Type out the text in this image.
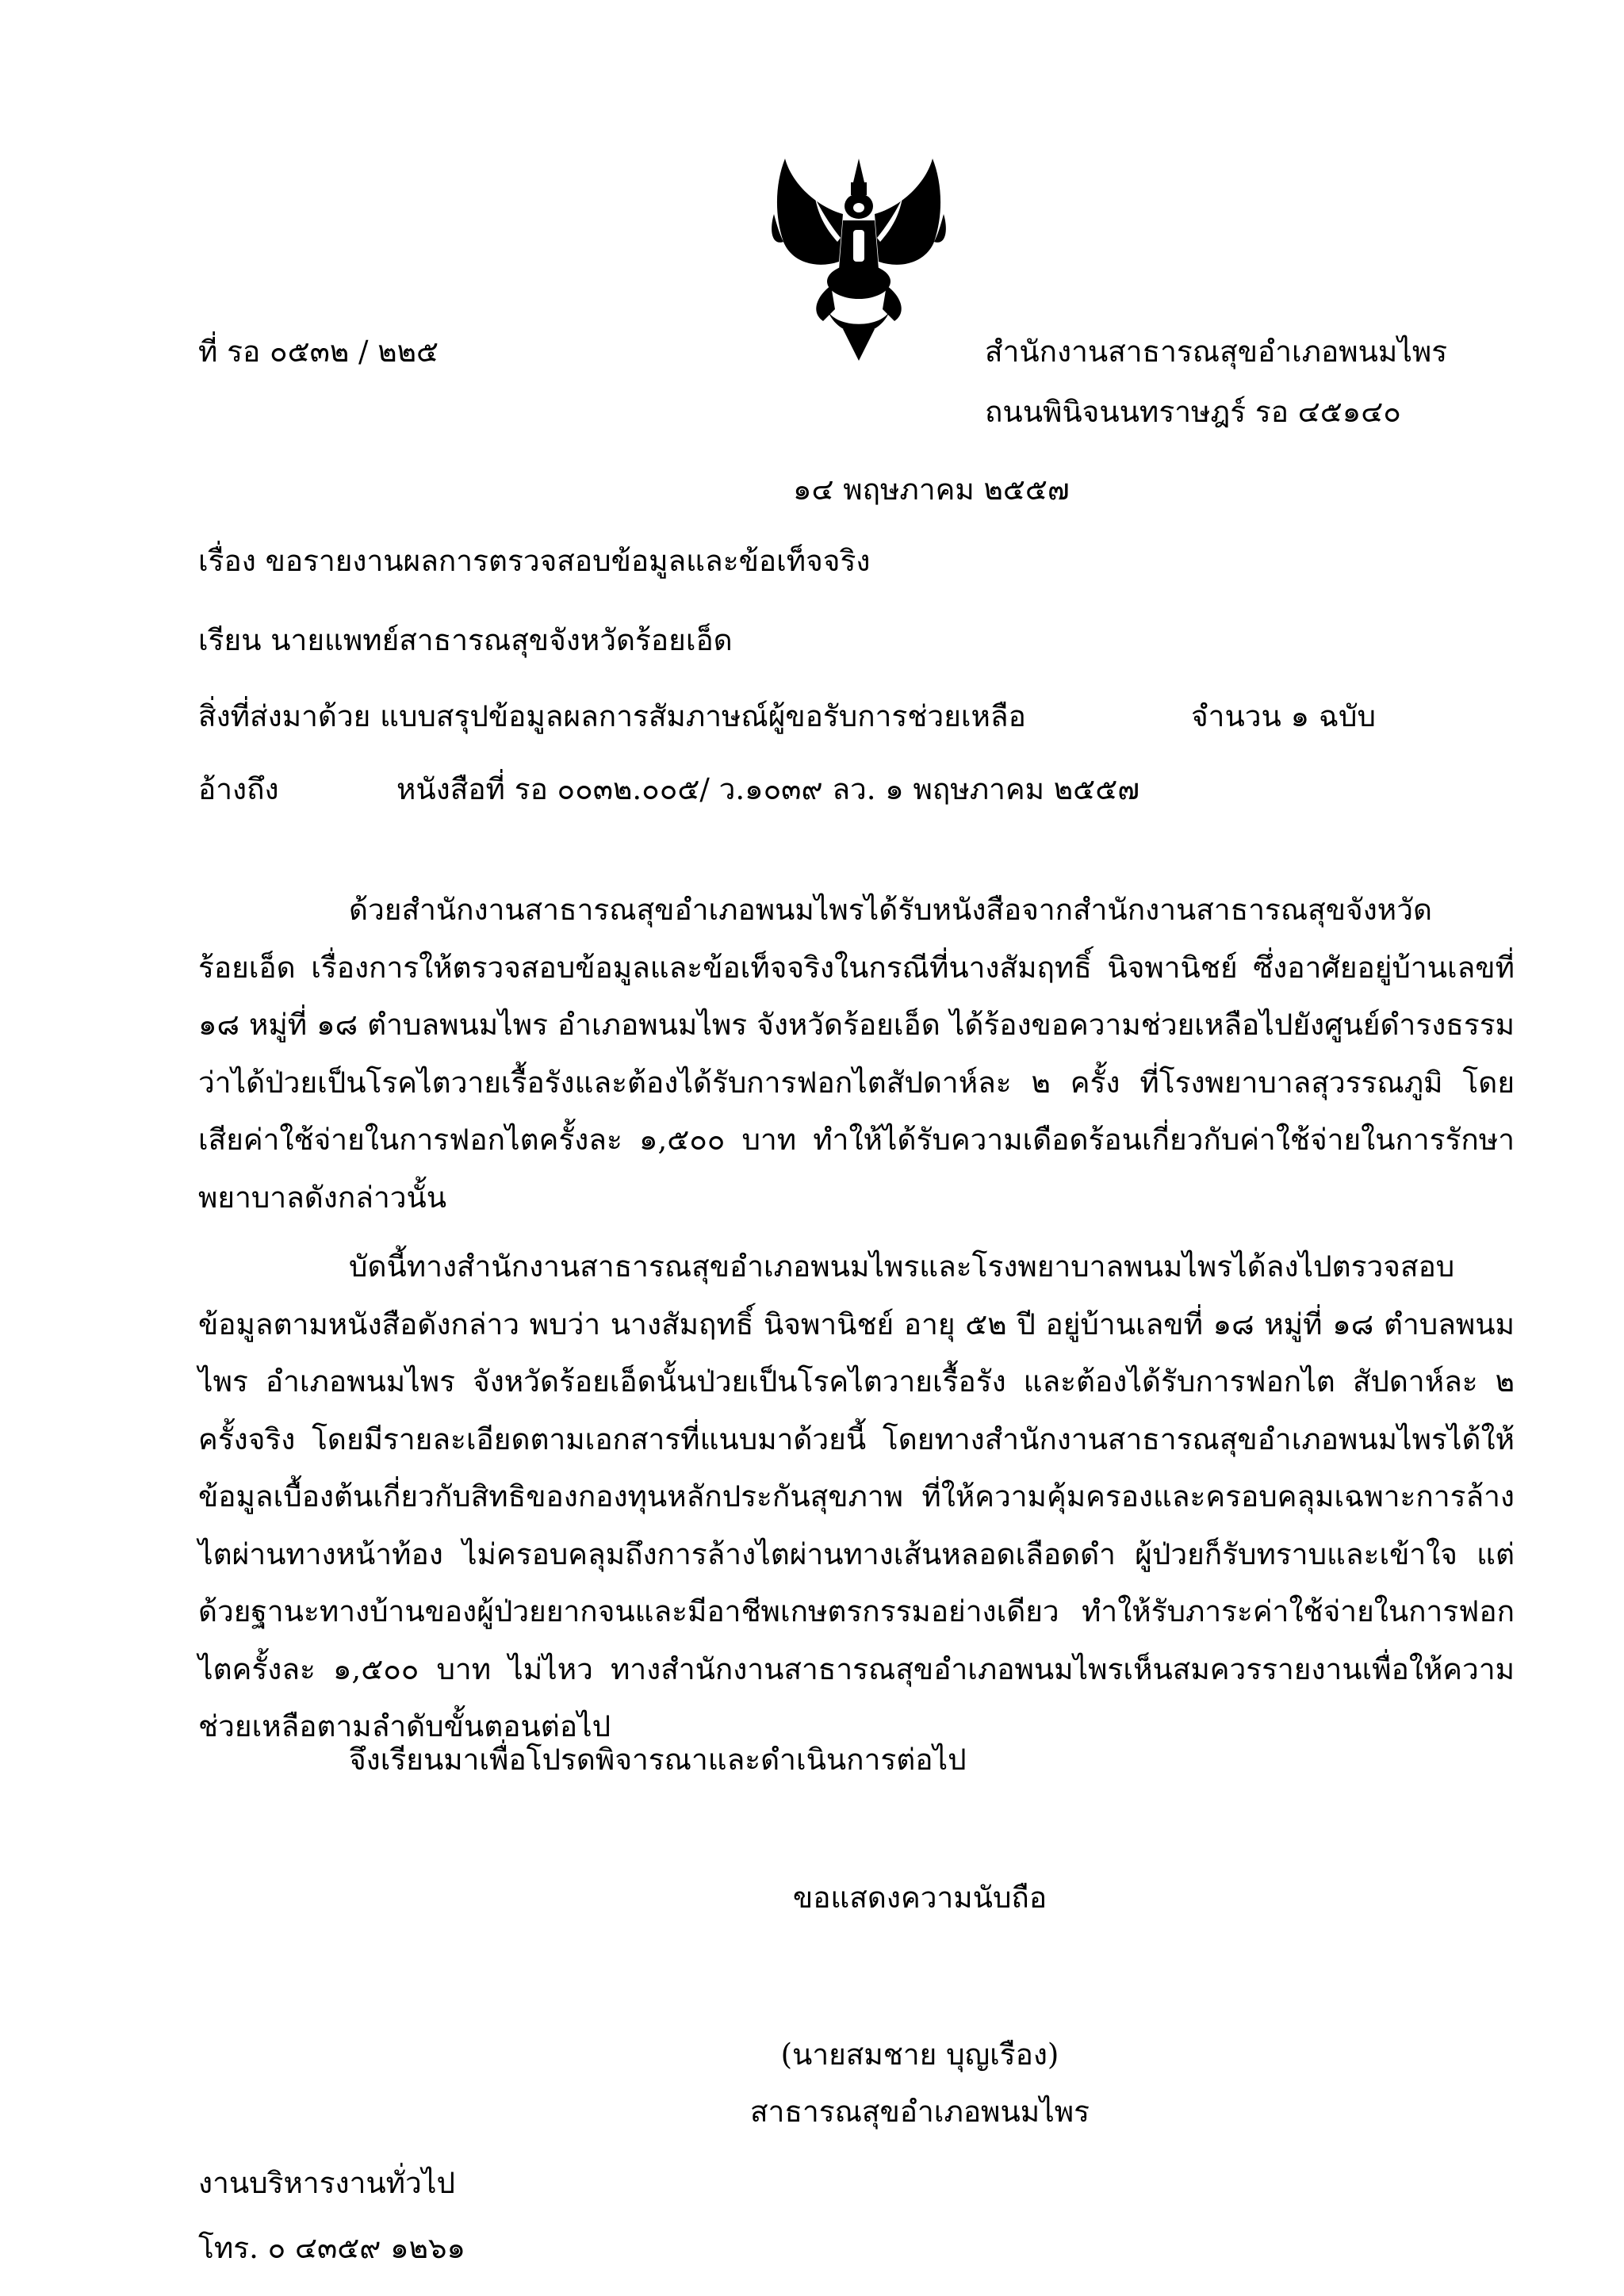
ที่ รอ ๐๕๓๒ / ๒๒๕	สำนักงานสาธารณสุขอำเภอพนมไพร
ถนนพินิจนนทราษฎร์ รอ ๔๕๑๔๐
๑๔ พฤษภาคม ๒๕๕๗
เรื่อง ขอรายงานผลการตรวจสอบข้อมูลและข้อเท็จจริง
เรียน นายแพทย์สาธารณสุขจังหวัดร้อยเอ็ด
สิ่งที่ส่งมาด้วย แบบสรุปข้อมูลผลการสัมภาษณ์ผู้ขอรับการช่วยเหลือ	จำนวน ๑ ฉบับ
อ้างถึง	หนังสือที่ รอ ๐๐๓๒.๐๐๕/ ว.๑๐๓๙ ลว. ๑ พฤษภาคม ๒๕๕๗
ด้วยสำนักงานสาธารณสุขอำเภอพนมไพรได้รับหนังสือจากสำนักงานสาธารณสุขจังหวัดร้อยเอ็ด เรื่องการให้ตรวจสอบข้อมูลและข้อเท็จจริงในกรณีที่นางสัมฤทธิ์ นิจพานิชย์ ซึ่งอาศัยอยู่บ้านเลขที่ ๑๘ หมู่ที่ ๑๘ ตำบลพนมไพร อำเภอพนมไพร จังหวัดร้อยเอ็ด ได้ร้องขอความช่วยเหลือไปยังศูนย์ดำรงธรรมว่าได้ป่วยเป็นโรคไตวายเรื้อรังและต้องได้รับการฟอกไตสัปดาห์ละ ๒ ครั้ง ที่โรงพยาบาลสุวรรณภูมิ โดยเสียค่าใช้จ่ายในการฟอกไตครั้งละ ๑,๕๐๐ บาท ทำให้ได้รับความเดือดร้อนเกี่ยวกับค่าใช้จ่ายในการรักษาพยาบาลดังกล่าวนั้น
บัดนี้ทางสำนักงานสาธารณสุขอำเภอพนมไพรและโรงพยาบาลพนมไพรได้ลงไปตรวจสอบข้อมูลตามหนังสือดังกล่าว พบว่า นางสัมฤทธิ์ นิจพานิชย์ อายุ ๕๒ ปี อยู่บ้านเลขที่ ๑๘ หมู่ที่ ๑๘ ตำบลพนมไพร อำเภอพนมไพร จังหวัดร้อยเอ็ดนั้นป่วยเป็นโรคไตวายเรื้อรัง และต้องได้รับการฟอกไต สัปดาห์ละ ๒ ครั้งจริง โดยมีรายละเอียดตามเอกสารที่แนบมาด้วยนี้ โดยทางสำนักงานสาธารณสุขอำเภอพนมไพรได้ให้ข้อมูลเบื้องต้นเกี่ยวกับสิทธิของกองทุนหลักประกันสุขภาพ ที่ให้ความคุ้มครองและครอบคลุมเฉพาะการล้างไตผ่านทางหน้าท้อง ไม่ครอบคลุมถึงการล้างไตผ่านทางเส้นหลอดเลือดดำ ผู้ป่วยก็รับทราบและเข้าใจ แต่ด้วยฐานะทางบ้านของผู้ป่วยยากจนและมีอาชีพเกษตรกรรมอย่างเดียว ทำให้รับภาระค่าใช้จ่ายในการฟอกไตครั้งละ ๑,๕๐๐ บาท ไม่ไหว ทางสำนักงานสาธารณสุขอำเภอพนมไพรเห็นสมควรรายงานเพื่อให้ความช่วยเหลือตามลำดับขั้นตอนต่อไป
จึงเรียนมาเพื่อโปรดพิจารณาและดำเนินการต่อไป
ขอแสดงความนับถือ
(นายสมชาย บุญเรือง)
สาธารณสุขอำเภอพนมไพร
งานบริหารงานทั่วไป
โทร. ๐ ๔๓๕๙ ๑๒๖๑
